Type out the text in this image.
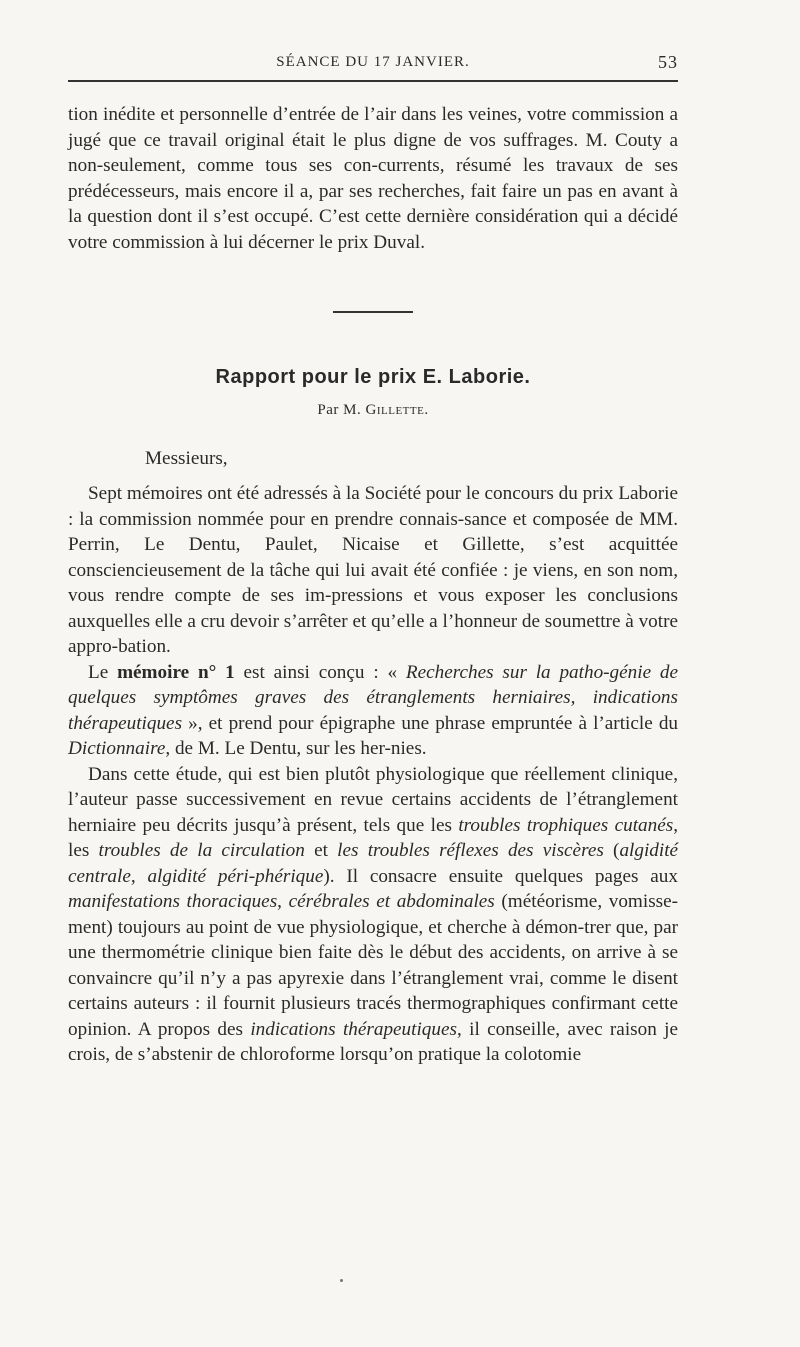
SÉANCE DU 17 JANVIER.	53

tion inédite et personnelle d’entrée de l’air dans les veines, votre commission a jugé que ce travail original était le plus digne de vos suffrages. M. Couty a non-seulement, comme tous ses con-currents, résumé les travaux de ses prédécesseurs, mais encore il a, par ses recherches, fait faire un pas en avant à la question dont il s’est occupé. C’est cette dernière considération qui a décidé votre commission à lui décerner le prix Duval.

Rapport pour le prix E. Laborie.
Par M. Gillette.
Messieurs,

Sept mémoires ont été adressés à la Société pour le concours du prix Laborie : la commission nommée pour en prendre connais-sance et composée de MM. Perrin, Le Dentu, Paulet, Nicaise et Gillette, s’est acquittée consciencieusement de la tâche qui lui avait été confiée : je viens, en son nom, vous rendre compte de ses im-pressions et vous exposer les conclusions auxquelles elle a cru devoir s’arrêter et qu’elle a l’honneur de soumettre à votre appro-bation.

Le mémoire n° 1 est ainsi conçu : « Recherches sur la patho-génie de quelques symptômes graves des étranglements herniaires, indications thérapeutiques », et prend pour épigraphe une phrase empruntée à l’article du Dictionnaire, de M. Le Dentu, sur les her-nies.

Dans cette étude, qui est bien plutôt physiologique que réellement clinique, l’auteur passe successivement en revue certains accidents de l’étranglement herniaire peu décrits jusqu’à présent, tels que les troubles trophiques cutanés, les troubles de la circulation et les troubles réflexes des viscères (algidité centrale, algidité péri-phérique). Il consacre ensuite quelques pages aux manifestations thoraciques, cérébrales et abdominales (météorisme, vomisse-ment) toujours au point de vue physiologique, et cherche à démon-trer que, par une thermométrie clinique bien faite dès le début des accidents, on arrive à se convaincre qu’il n’y a pas apyrexie dans l’étranglement vrai, comme le disent certains auteurs : il fournit plusieurs tracés thermographiques confirmant cette opinion. A propos des indications thérapeutiques, il conseille, avec raison je crois, de s’abstenir de chloroforme lorsqu’on pratique la colotomie
